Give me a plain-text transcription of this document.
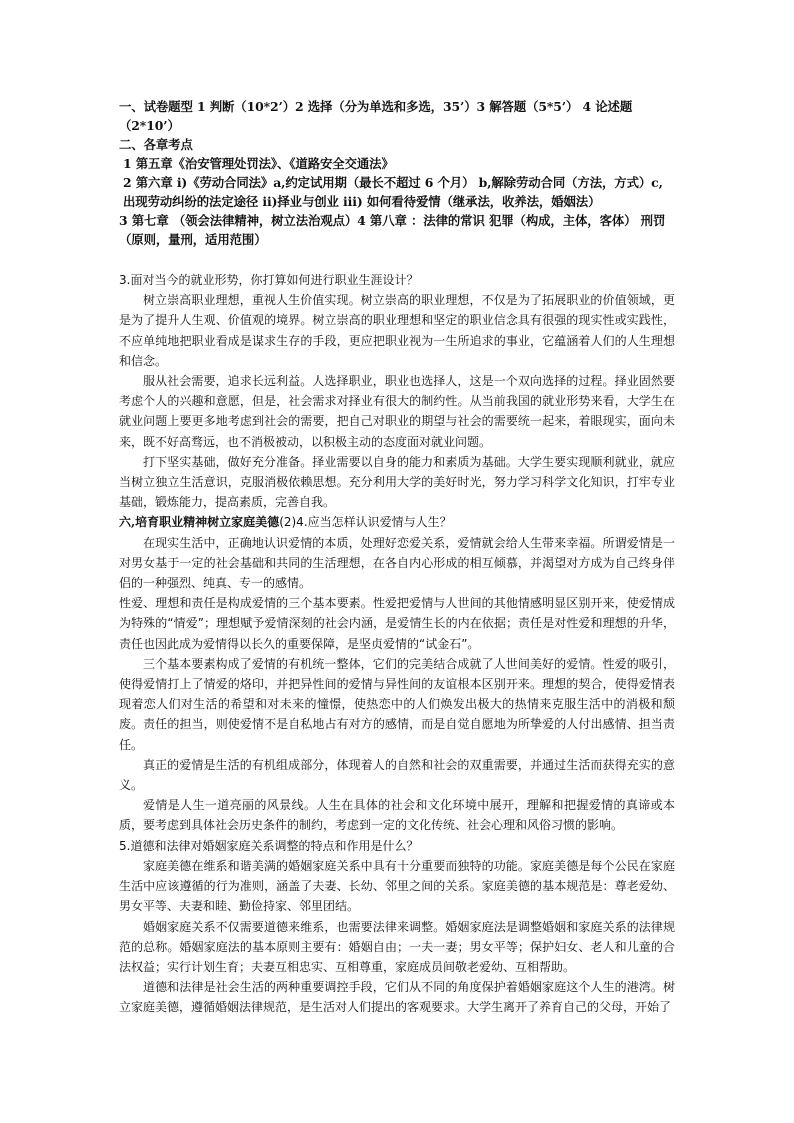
一、试卷题型 1 判断（10*2’）2 选择（分为单选和多选，35’）3 解答题（5*5’） 4 论述题（2*10’）

二、各章考点

1 第五章《治安管理处罚法》、《道路安全交通法》

2 第六章 i)《劳动合同法》a,约定试用期（最长不超过 6 个月） b,解除劳动合同（方法，方式）c,出现劳动纠纷的法定途径 ii)择业与创业 iii) 如何看待爱情（继承法，收养法，婚姻法）

3 第七章 （领会法律精神，树立法治观点）4 第八章 ：法律的常识 犯罪（构成，主体，客体） 刑罚（原则，量刑，适用范围）

3.面对当今的就业形势，你打算如何进行职业生涯设计？

树立崇高职业理想，重视人生价值实现。树立崇高的职业理想，不仅是为了拓展职业的价值领域，更是为了提升人生观、价值观的境界。树立崇高的职业理想和坚定的职业信念具有很强的现实性或实践性，不应单纯地把职业看成是谋求生存的手段，更应把职业视为一生所追求的事业，它蕴涵着人们的人生理想和信念。

服从社会需要，追求长远利益。人选择职业，职业也选择人，这是一个双向选择的过程。择业固然要考虑个人的兴趣和意愿，但是，社会需求对择业有很大的制约性。从当前我国的就业形势来看，大学生在就业问题上要更多地考虑到社会的需要，把自己对职业的期望与社会的需要统一起来，着眼现实，面向未来，既不好高骛远，也不消极被动，以积极主动的态度面对就业问题。

打下坚实基础，做好充分准备。择业需要以自身的能力和素质为基础。大学生要实现顺利就业，就应当树立独立生活意识，克服消极依赖思想。充分利用大学的美好时光，努力学习科学文化知识，打牢专业基础，锻炼能力，提高素质，完善自我。

六,培育职业精神树立家庭美德(2)4.应当怎样认识爱情与人生？

在现实生活中，正确地认识爱情的本质，处理好恋爱关系，爱情就会给人生带来幸福。所谓爱情是一对男女基于一定的社会基础和共同的生活理想，在各自内心形成的相互倾慕，并渴望对方成为自己终身伴侣的一种强烈、纯真、专一的感情。

性爱、理想和责任是构成爱情的三个基本要素。性爱把爱情与人世间的其他情感明显区别开来，使爱情成为特殊的“情爱”；理想赋予爱情深刻的社会内涵，是爱情生长的内在依据；责任是对性爱和理想的升华，责任也因此成为爱情得以长久的重要保障，是坚贞爱情的“试金石”。

三个基本要素构成了爱情的有机统一整体，它们的完美结合成就了人世间美好的爱情。性爱的吸引，使得爱情打上了情爱的烙印，并把异性间的爱情与异性间的友谊根本区别开来。理想的契合，使得爱情表现着恋人们对生活的希望和对未来的憧憬，使热恋中的人们焕发出极大的热情来克服生活中的消极和颓废。责任的担当，则使爱情不是自私地占有对方的感情，而是自觉自愿地为所挚爱的人付出感情、担当责任。

真正的爱情是生活的有机组成部分，体现着人的自然和社会的双重需要，并通过生活而获得充实的意义。

爱情是人生一道亮丽的风景线。人生在具体的社会和文化环境中展开，理解和把握爱情的真谛或本质，要考虑到具体社会历史条件的制约，考虑到一定的文化传统、社会心理和风俗习惯的影响。

5.道德和法律对婚姻家庭关系调整的特点和作用是什么？

家庭美德在维系和谐美满的婚姻家庭关系中具有十分重要而独特的功能。家庭美德是每个公民在家庭生活中应该遵循的行为准则，涵盖了夫妻、长幼、邻里之间的关系。家庭美德的基本规范是：尊老爱幼、男女平等、夫妻和睦、勤俭持家、邻里团结。

婚姻家庭关系不仅需要道德来维系，也需要法律来调整。婚姻家庭法是调整婚姻和家庭关系的法律规范的总称。婚姻家庭法的基本原则主要有：婚姻自由；一夫一妻；男女平等；保护妇女、老人和儿童的合法权益；实行计划生育；夫妻互相忠实、互相尊重，家庭成员间敬老爱幼、互相帮助。

道德和法律是社会生活的两种重要调控手段，它们从不同的角度保护着婚姻家庭这个人生的港湾。树立家庭美德，遵循婚姻法律规范，是生活对人们提出的客观要求。大学生离开了养育自己的父母，开始了
